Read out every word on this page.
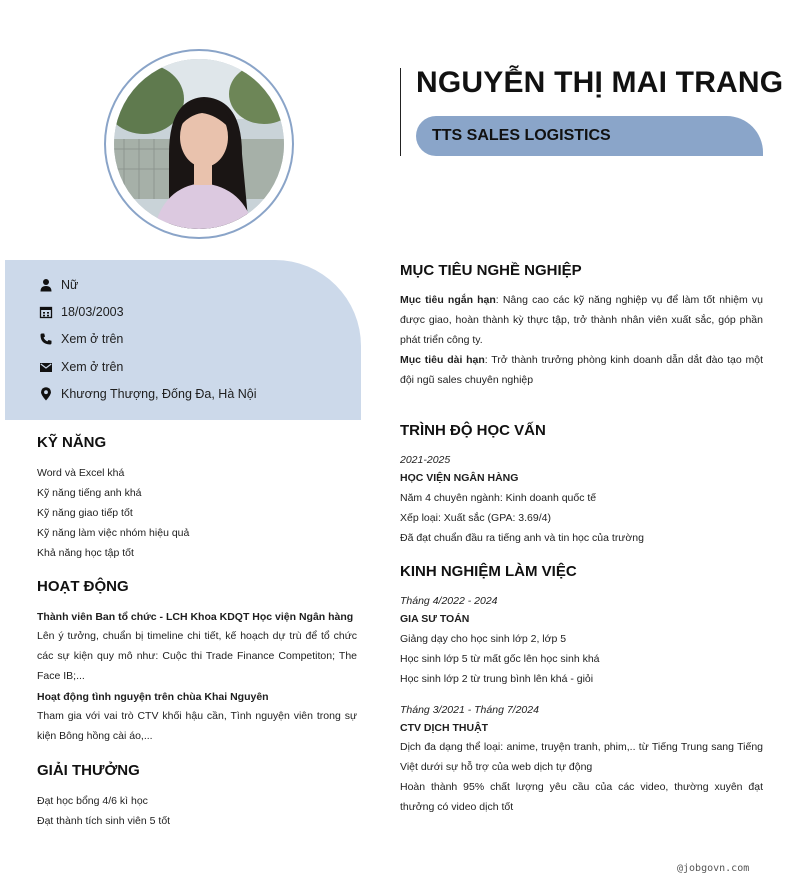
NGUYỄN THỊ MAI TRANG
TTS SALES LOGISTICS
Nữ
18/03/2003
Xem ở trên
Xem ở trên
Khương Thượng, Đống Đa, Hà Nội
KỸ NĂNG
Word và Excel khá
Kỹ năng tiếng anh khá
Kỹ năng giao tiếp tốt
Kỹ năng làm việc nhóm hiệu quả
Khả năng học tập tốt
HOẠT ĐỘNG
Thành viên Ban tổ chức - LCH Khoa KDQT Học viện Ngân hàng
Lên ý tưởng, chuẩn bị timeline chi tiết, kế hoạch dự trù để tổ chức các sự kiện quy mô như: Cuộc thi Trade Finance Competiton; The Face IB;...
Hoạt động tình nguyện trên chùa Khai Nguyên
Tham gia với vai trò CTV khối hậu cần, Tình nguyện viên trong sự kiện Bông hồng cài áo,...
GIẢI THƯỞNG
Đạt học bổng 4/6 kì học
Đạt thành tích sinh viên 5 tốt
MỤC TIÊU NGHỀ NGHIỆP
Mục tiêu ngắn hạn: Nâng cao các kỹ năng nghiệp vụ để làm tốt nhiệm vụ được giao, hoàn thành kỳ thực tập, trở thành nhân viên xuất sắc, góp phần phát triển công ty.
Mục tiêu dài hạn: Trở thành trưởng phòng kinh doanh dẫn dắt đào tạo một đội ngũ sales chuyên nghiệp
TRÌNH ĐỘ HỌC VẤN
2021-2025
HỌC VIỆN NGÂN HÀNG
Năm 4 chuyên ngành: Kinh doanh quốc tế
Xếp loại: Xuất sắc (GPA: 3.69/4)
Đã đạt chuẩn đầu ra tiếng anh và tin học của trường
KINH NGHIỆM LÀM VIỆC
Tháng 4/2022 - 2024
GIA SƯ TOÁN
Giảng dạy cho học sinh lớp 2, lớp 5
Học sinh lớp 5 từ mất gốc lên học sinh khá
Học sinh lớp 2 từ trung bình lên khá - giỏi
Tháng 3/2021 - Tháng 7/2024
CTV DỊCH THUẬT
Dịch đa dạng thể loại: anime, truyện tranh, phim,.. từ Tiếng Trung sang Tiếng Việt dưới sự hỗ trợ của web dịch tự động
Hoàn thành 95% chất lượng yêu cầu của các video, thường xuyên đạt thưởng có video dịch tốt
@jobgovn.com
